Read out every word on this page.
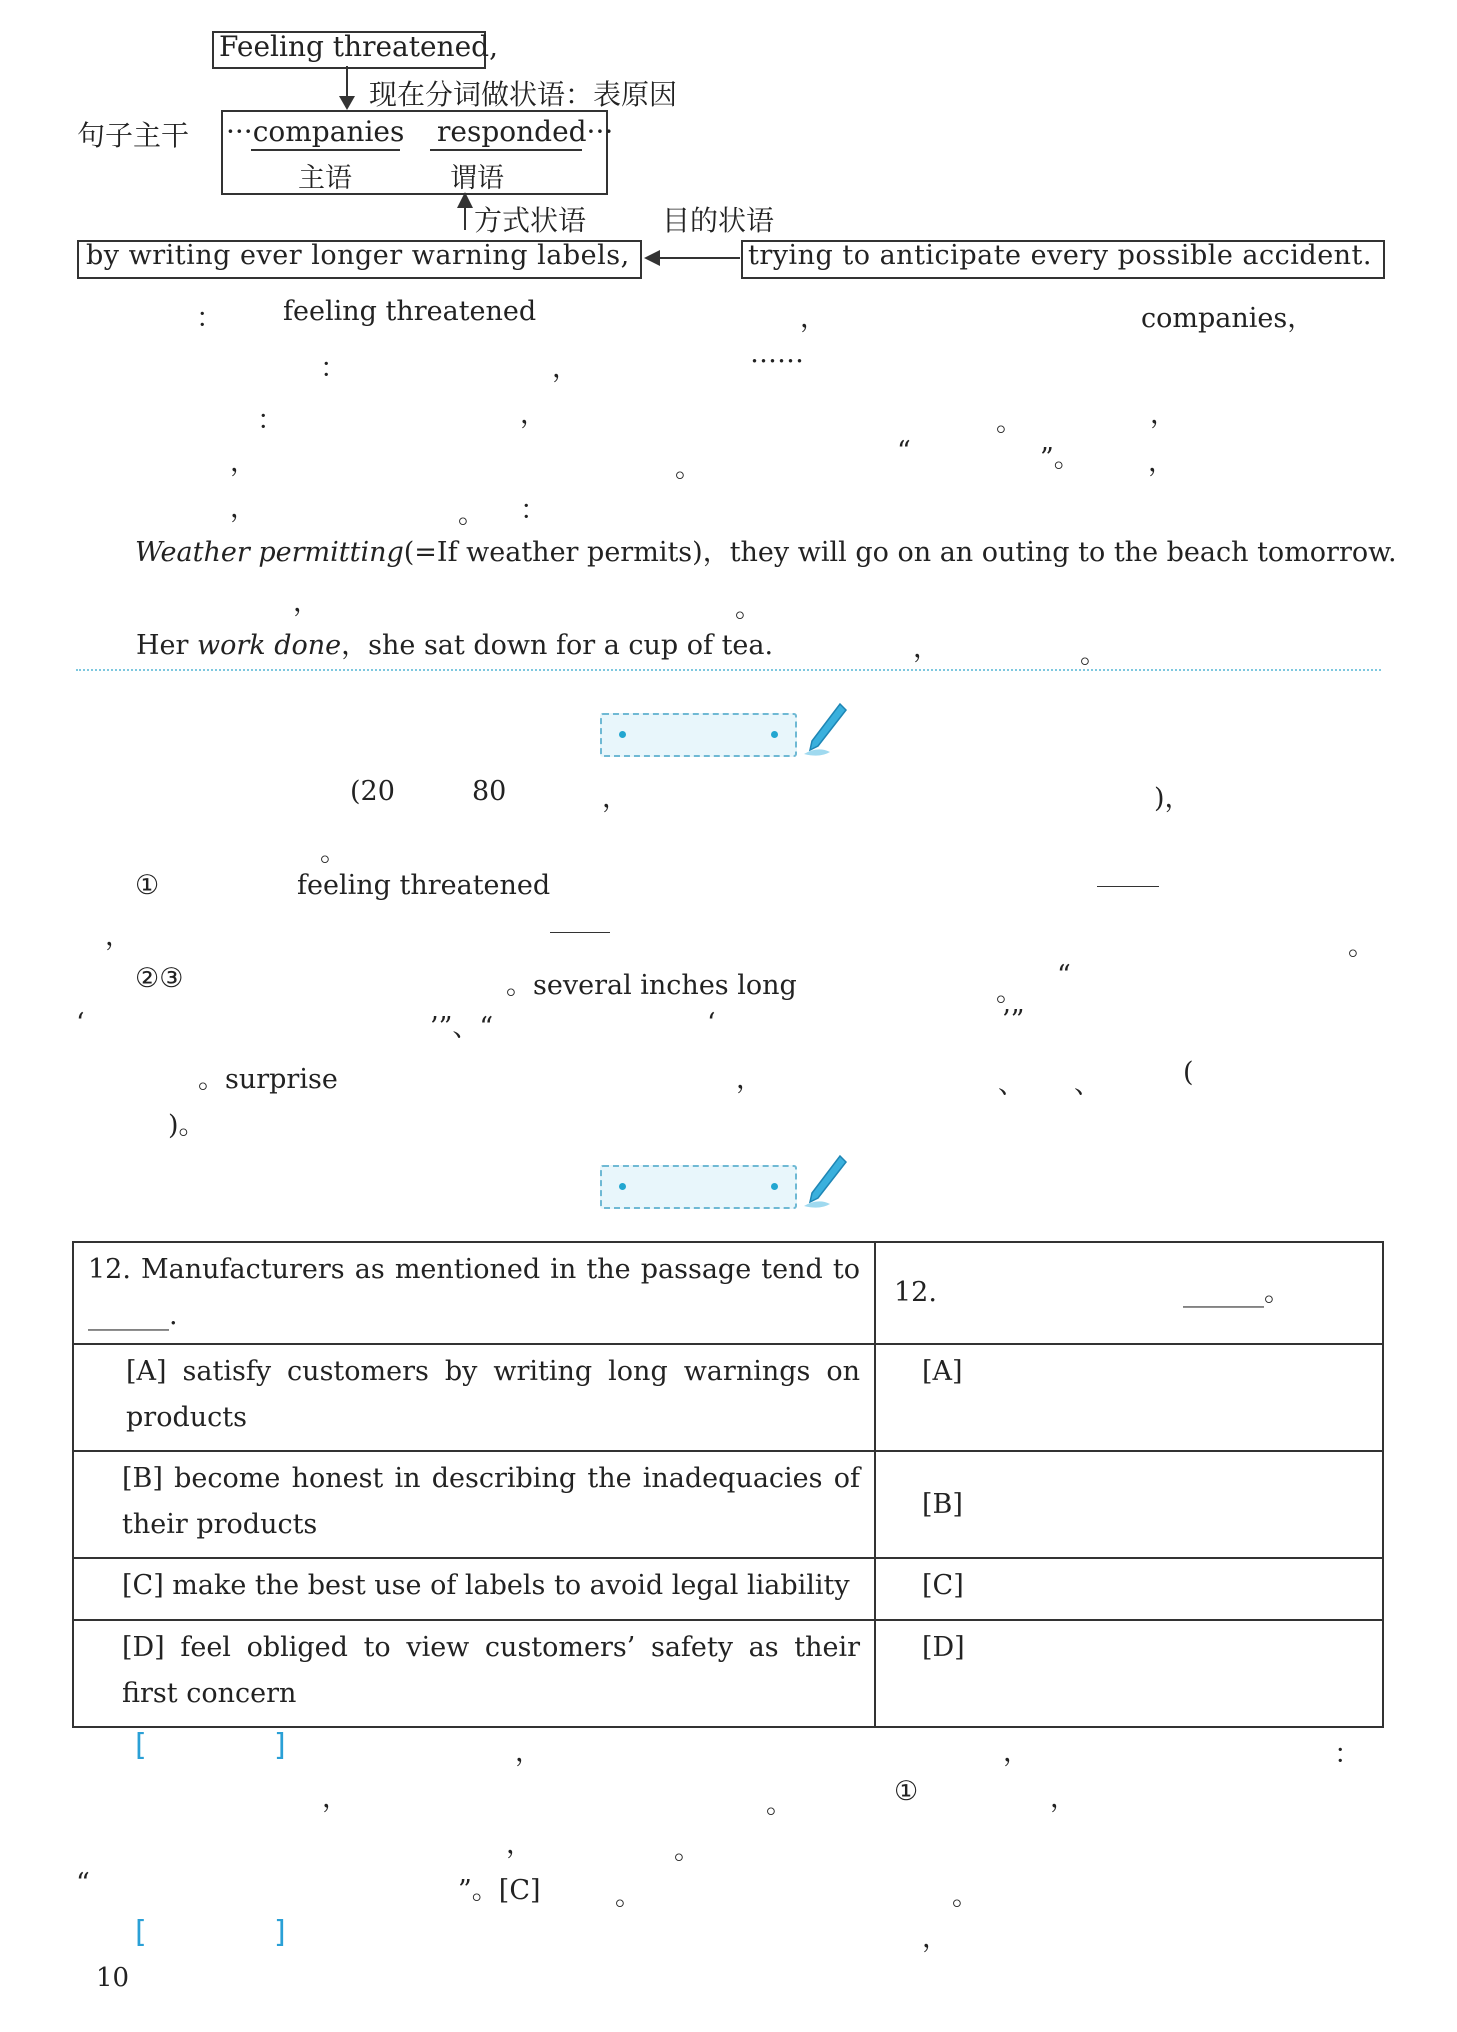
Feeling threatened,
现在分词做状语：表原因
句子主干 ···companies responded···
主语	谓语
方式状语	目的状语
by writing ever longer warning labels,	trying to anticipate every possible accident.
： feeling threatened	，	companies，
：	，	……
：	，	。	，
，	。
“	”。 ，
，	。 ：
Weather permitting(=If weather permits)，they will go on an outing to the beach tomorrow.
，	。
Her work done，she sat down for a cup of tea.	，	。
(20	80	，	)，
。
①	feeling threatened
，	。
②③	。several inches long	。
“
‘	’”、“	‘	’”
。surprise	，	、 、	(
)。
12. Manufacturers as mentioned in the passage tend to ______.	12. ______。

[A] satisfy customers by writing long warnings on products	[A]
[B] become honest in describing the inadequacies of their products	[B]
[C] make the best use of labels to avoid legal liability	[C]
[D] feel obliged to view customers’ safety as their first concern	[D]
[	]	，	，	：
，	。	①	，
，	。
“	”。[C]	。	。
[	]	，
10
